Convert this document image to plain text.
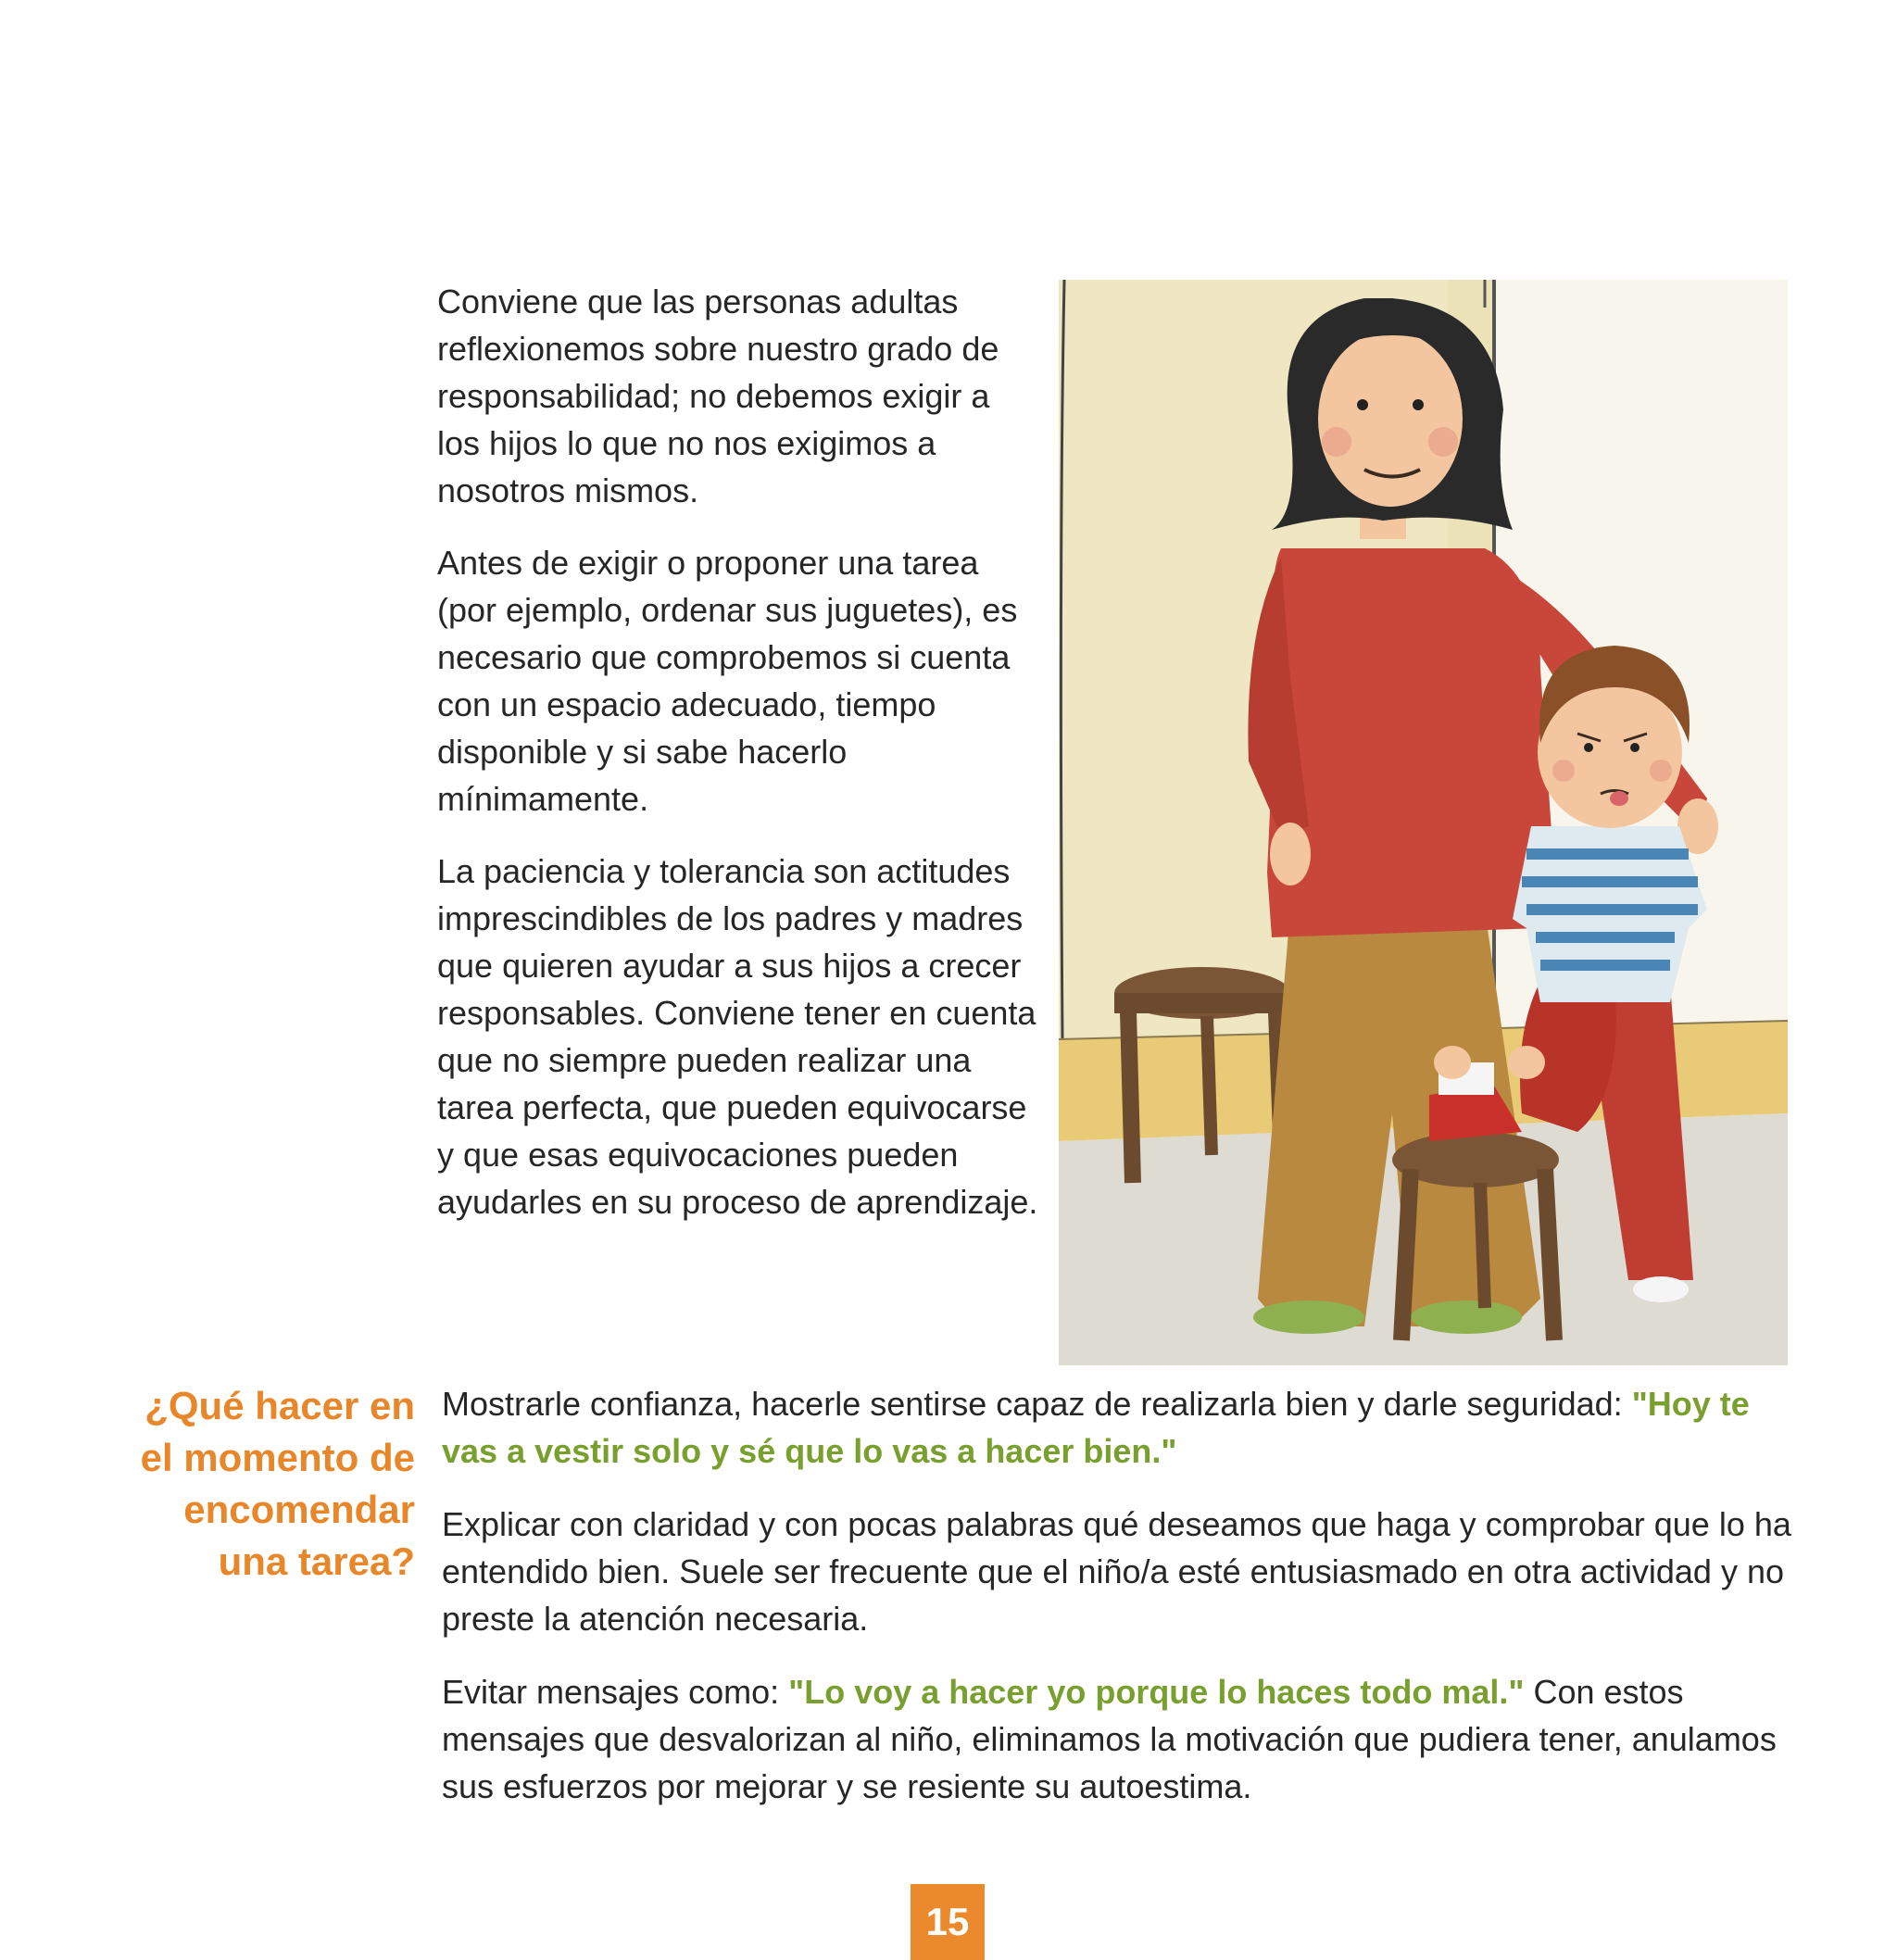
Conviene que las personas adultas reflexionemos sobre nuestro grado de responsabilidad; no debemos exigir a los hijos lo que no nos exigimos a nosotros mismos.

Antes de exigir o proponer una tarea (por ejemplo, ordenar sus juguetes), es necesario que comprobemos si cuenta con un espacio adecuado, tiempo disponible y si sabe hacerlo mínimamente.

La paciencia y tolerancia son actitudes imprescindibles de los padres y madres que quieren ayudar a sus hijos a crecer responsables. Conviene tener en cuenta que no siempre pueden realizar una tarea perfecta, que pueden equivocarse y que esas equivocaciones pueden ayudarles en su proceso de aprendizaje.

¿Qué hacer en
el momento de
encomendar
una tarea?

Mostrarle confianza, hacerle sentirse capaz de realizarla bien y darle seguridad: "Hoy te vas a vestir solo y sé que lo vas a hacer bien."

Explicar con claridad y con pocas palabras qué deseamos que haga y comprobar que lo ha entendido bien. Suele ser frecuente que el niño/a esté entusiasmado en otra actividad y no preste la atención necesaria.

Evitar mensajes como: "Lo voy a hacer yo porque lo haces todo mal." Con estos mensajes que desvalorizan al niño, eliminamos la motivación que pudiera tener, anulamos sus esfuerzos por mejorar y se resiente su autoestima.

15
